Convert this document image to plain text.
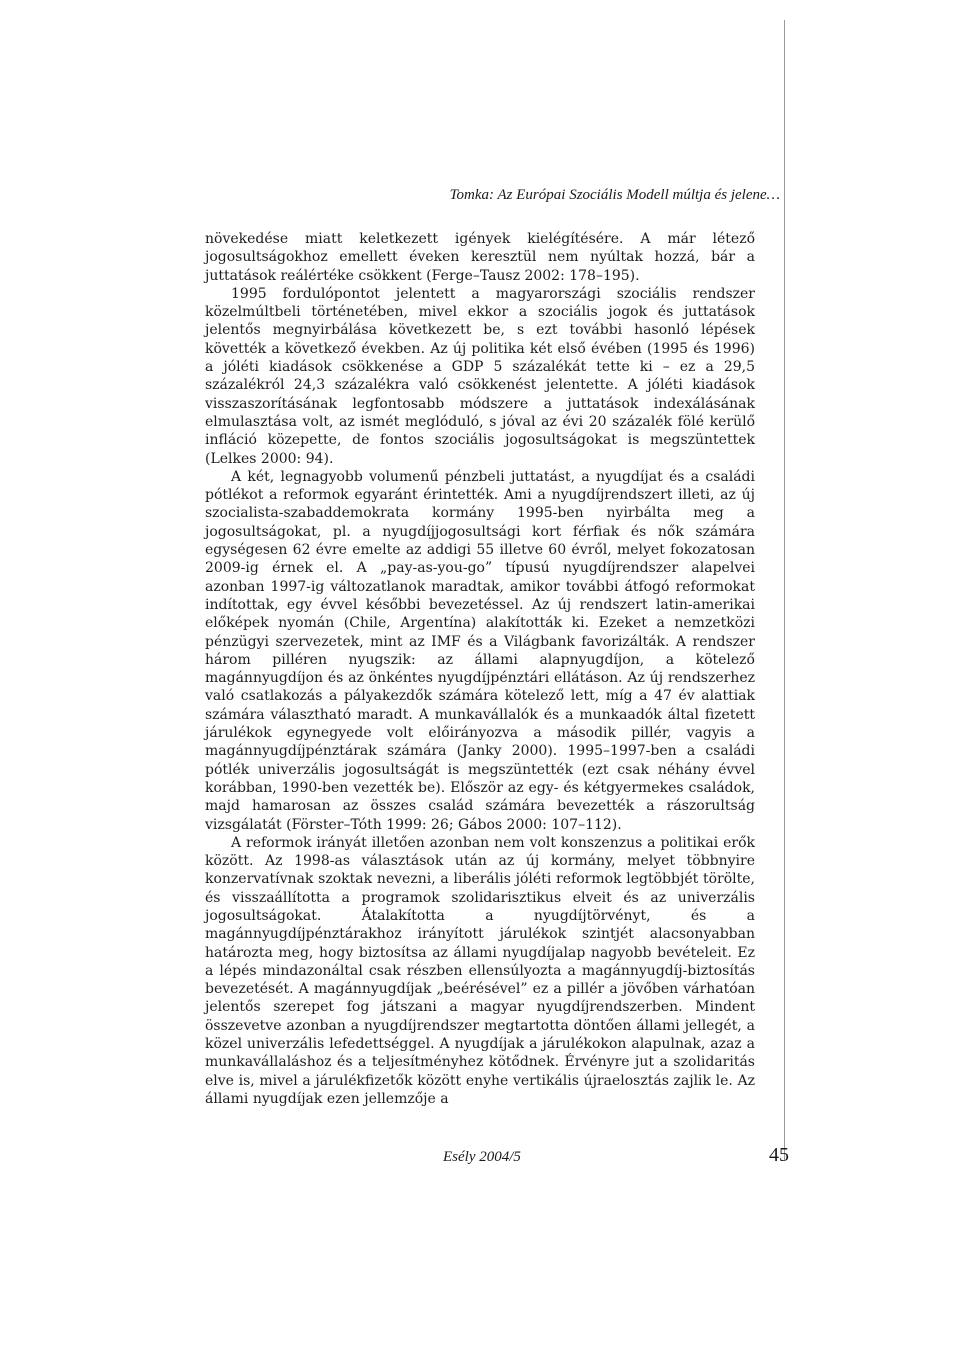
Tomka: Az Európai Szociális Modell múltja és jelene…

növekedése miatt keletkezett igények kielégítésére. A már létező jogosultságokhoz emellett éveken keresztül nem nyúltak hozzá, bár a juttatások reálértéke csökkent (Ferge–Tausz 2002: 178–195).

1995 fordulópontot jelentett a magyarországi szociális rendszer közelmúltbeli történetében, mivel ekkor a szociális jogok és juttatások jelentős megnyirbálása következett be, s ezt további hasonló lépések követték a következő években. Az új politika két első évében (1995 és 1996) a jóléti kiadások csökkenése a GDP 5 százalékát tette ki – ez a 29,5 százalékról 24,3 százalékra való csökkenést jelentette. A jóléti kiadások visszaszorításának legfontosabb módszere a juttatások indexálásának elmulasztása volt, az ismét meglóduló, s jóval az évi 20 százalék fölé kerülő infláció közepette, de fontos szociális jogosultságokat is megszüntettek (Lelkes 2000: 94).

A két, legnagyobb volumenű pénzbeli juttatást, a nyugdíjat és a családi pótlékot a reformok egyaránt érintették. Ami a nyugdíjrendszert illeti, az új szocialista-szabaddemokrata kormány 1995-ben nyirbálta meg a jogosultságokat, pl. a nyugdíjjogosultsági kort férfiak és nők számára egységesen 62 évre emelte az addigi 55 illetve 60 évről, melyet fokozatosan 2009-ig érnek el. A „pay-as-you-go” típusú nyugdíjrendszer alapelvei azonban 1997-ig változatlanok maradtak, amikor további átfogó reformokat indítottak, egy évvel későbbi bevezetéssel. Az új rendszert latin-amerikai előképek nyomán (Chile, Argentína) alakították ki. Ezeket a nemzetközi pénzügyi szervezetek, mint az IMF és a Világbank favorizálták. A rendszer három pilléren nyugszik: az állami alapnyugdíjon, a kötelező magánnyugdíjon és az önkéntes nyugdíjpénztári ellátáson. Az új rendszerhez való csatlakozás a pályakezdők számára kötelező lett, míg a 47 év alattiak számára választható maradt. A munkavállalók és a munkaadók által fizetett járulékok egynegyede volt előirányozva a második pillér, vagyis a magánnyugdíjpénztárak számára (Janky 2000). 1995–1997-ben a családi pótlék univerzális jogosultságát is megszüntették (ezt csak néhány évvel korábban, 1990-ben vezették be). Először az egy- és kétgyermekes családok, majd hamarosan az összes család számára bevezették a rászorultság vizsgálatát (Förster–Tóth 1999: 26; Gábos 2000: 107–112).

A reformok irányát illetően azonban nem volt konszenzus a politikai erők között. Az 1998-as választások után az új kormány, melyet többnyire konzervatívnak szoktak nevezni, a liberális jóléti reformok legtöbbjét törölte, és visszaállította a programok szolidarisztikus elveit és az univerzális jogosultságokat. Átalakította a nyugdíjtörvényt, és a magánnyugdíjpénztárakhoz irányított járulékok szintjét alacsonyabban határozta meg, hogy biztosítsa az állami nyugdíjalap nagyobb bevételeit. Ez a lépés mindazonáltal csak részben ellensúlyozta a magánnyugdíj-biztosítás bevezetését. A magánnyugdíjak „beérésével” ez a pillér a jövőben várhatóan jelentős szerepet fog játszani a magyar nyugdíjrendszerben. Mindent összevetve azonban a nyugdíjrendszer megtartotta döntően állami jellegét, a közel univerzális lefedettséggel. A nyugdíjak a járulékokon alapulnak, azaz a munkavállaláshoz és a teljesítményhez kötődnek. Érvényre jut a szolidaritás elve is, mivel a járulékfizetők között enyhe vertikális újraelosztás zajlik le. Az állami nyugdíjak ezen jellemzője a

Esély 2004/5	45
